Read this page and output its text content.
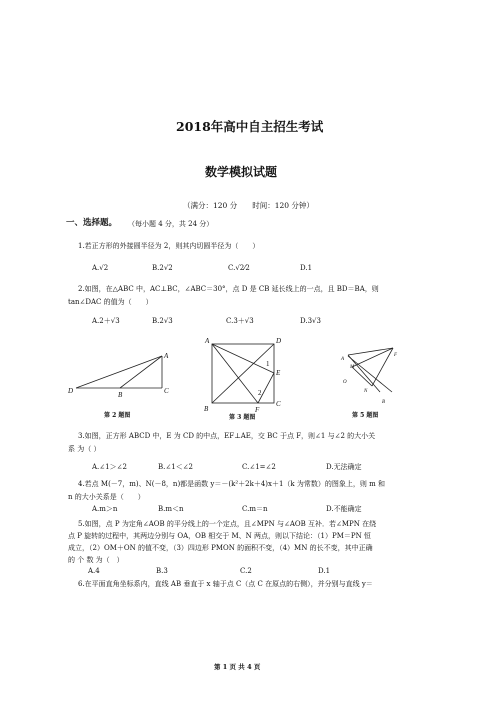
2018年高中自主招生考试
数学模拟试题
（满分：120 分　　时间：120 分钟）
一、选择题。 （每小题 4 分，共 24 分）
1.若正方形的外接圆半径为 2，则其内切圆半径为（　　）
A.√2	B.2√2	C.√2⁄2	D.1
2.如图，在△ABC 中，AC⊥BC，∠ABC＝30°，点 D 是 CB 延长线上的一点，且 BD＝BA，则
tan∠DAC 的值为（　　）
A.2＋√3	B.2√3	C.3＋√3	D.3√3
A
D	B	C
第 2 题图
A	D
E
1
2
B	F
C
第 3 题图
A
M
F
O
N
B
第 5 题图
3.如图，正方形 ABCD 中，E 为 CD 的中点，EF⊥AE，交 BC 于点 F，则∠1 与∠2 的大小关
系 为（ ）
A.∠1＞∠2	B.∠1＜∠2	C.∠1=∠2	D.无法确定
4.若点 M(－7，m)、N(－8，n)都是函数 y＝－(k²＋2k＋4)x＋1（k 为常数）的图象上，则 m 和
n 的大小关系是（　　）
A.m＞n	B.m＜n	C.m＝n	D.不能确定
5.如图，点 P 为定角∠AOB 的平分线上的一个定点，且∠MPN 与∠AOB 互补．若∠MPN 在绕
点 P 旋转的过程中，其两边分别与 OA，OB 相交于 M、N 两点，则以下结论：（1）PM＝PN 恒
成立，（2）OM＋ON 的值不变，（3）四边形 PMON 的面积不变，（4）MN 的长不变，其中正确
的 个 数 为（　）
A.4	B.3	C.2	D.1
6.在平面直角坐标系内，直线 AB 垂直于 x 轴于点 C（点 C 在原点的右侧），并分别与直线 y＝
第 1 页 共 4 页
